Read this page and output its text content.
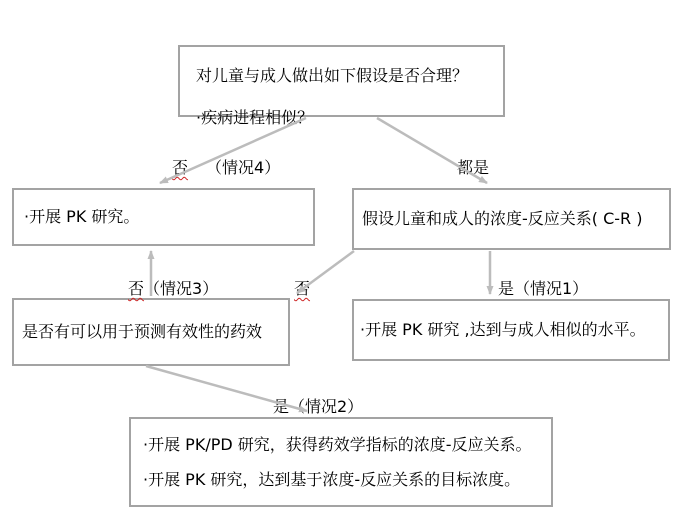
对儿童与成人做出如下假设是否合理？
·疾病进程相似？
·开展 PK 研究。	假设儿童和成人的浓度-反应关系( C-R )
是否有可以用于预测有效性的药效	·开展 PK 研究 ,达到与成人相似的水平。
·开展 PK/PD 研究，获得药效学指标的浓度-反应关系。
·开展 PK 研究，达到基于浓度-反应关系的目标浓度。
否 （情况4）	都是
否（情况3）	否	是（情况1）
是（情况2）
